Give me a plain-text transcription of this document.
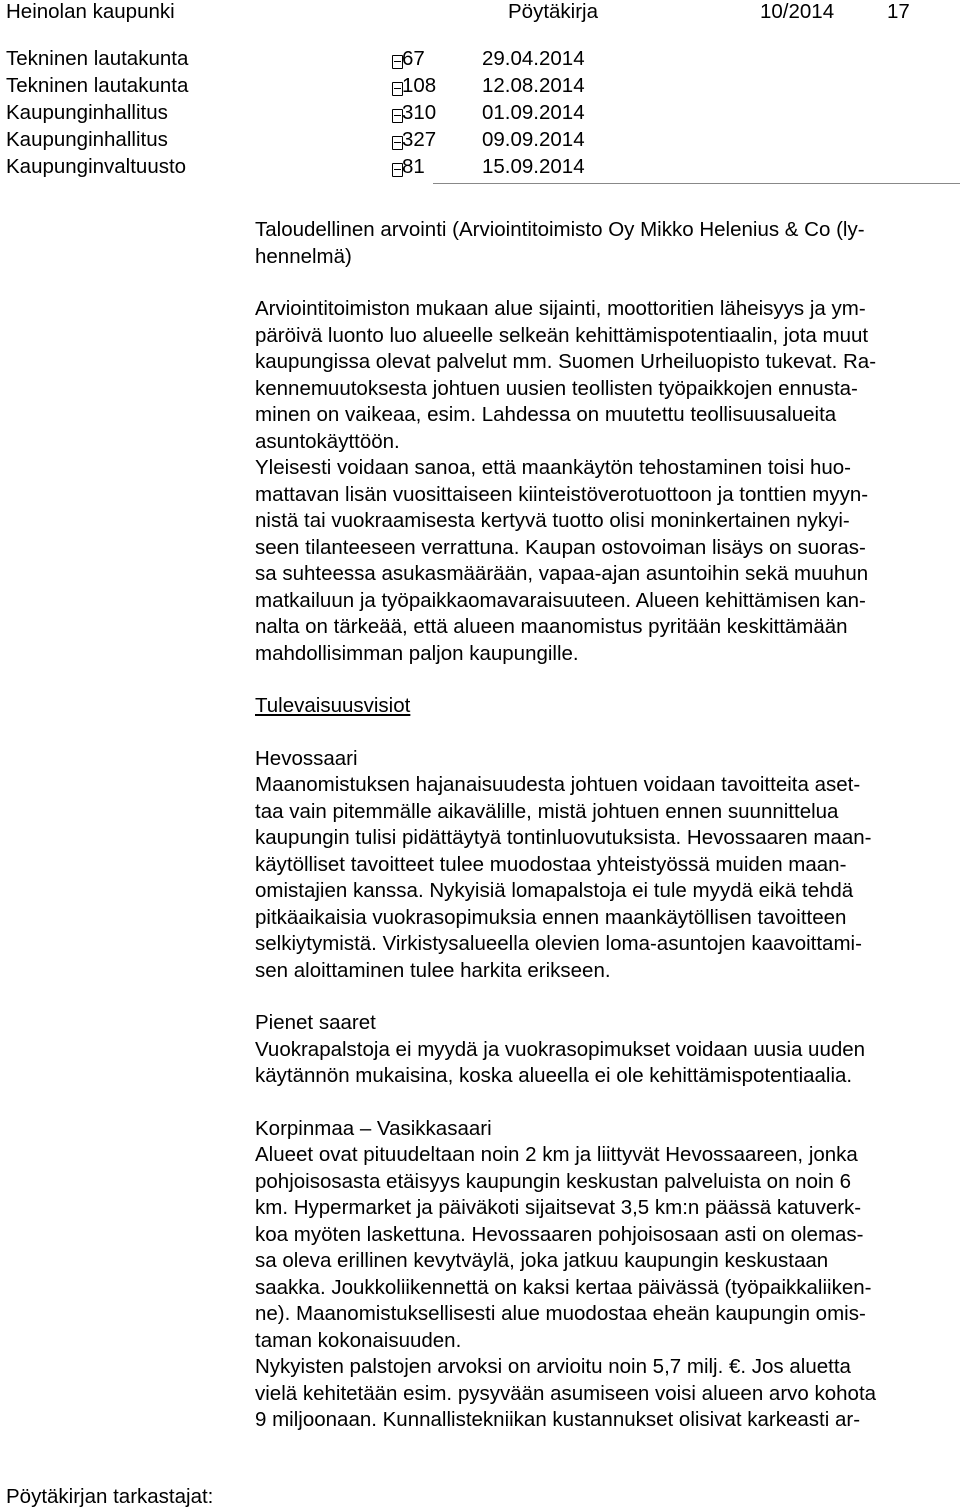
Heinolan kaupunki	Pöytäkirja	10/2014	17
Tekninen lautakunta	67	29.04.2014
Tekninen lautakunta	108 12.08.2014
Kaupunginhallitus	310 01.09.2014
Kaupunginhallitus	327 09.09.2014
Kaupunginvaltuusto	81	15.09.2014

Taloudellinen arvointi (Arviointitoimisto Oy Mikko Helenius & Co (ly-
hennelmä)

Arviointitoimiston mukaan alue sijainti, moottoritien läheisyys ja ym-
päröivä luonto luo alueelle selkeän kehittämispotentiaalin, jota muut
kaupungissa olevat palvelut mm. Suomen Urheiluopisto tukevat. Ra-
kennemuutoksesta johtuen uusien teollisten työpaikkojen ennusta-
minen on vaikeaa, esim. Lahdessa on muutettu teollisuusalueita
asuntokäyttöön.

Yleisesti voidaan sanoa, että maankäytön tehostaminen toisi huo-
mattavan lisän vuosittaiseen kiinteistöverotuottoon ja tonttien myyn-
nistä tai vuokraamisesta kertyvä tuotto olisi moninkertainen nykyi-
seen tilanteeseen verrattuna. Kaupan ostovoiman lisäys on suoras-
sa suhteessa asukasmäärään, vapaa-ajan asuntoihin sekä muuhun
matkailuun ja työpaikkaomavaraisuuteen. Alueen kehittämisen kan-
nalta on tärkeää, että alueen maanomistus pyritään keskittämään
mahdollisimman paljon kaupungille.

Tulevaisuusvisiot

Hevossaari

Maanomistuksen hajanaisuudesta johtuen voidaan tavoitteita aset-
taa vain pitemmälle aikavälille, mistä johtuen ennen suunnittelua
kaupungin tulisi pidättäytyä tontinluovutuksista. Hevossaaren maan-
käytölliset tavoitteet tulee muodostaa yhteistyössä muiden maan-
omistajien kanssa. Nykyisiä lomapalstoja ei tule myydä eikä tehdä
pitkäaikaisia vuokrasopimuksia ennen maankäytöllisen tavoitteen
selkiytymistä. Virkistysalueella olevien loma-asuntojen kaavoittami-
sen aloittaminen tulee harkita erikseen.

Pienet saaret

Vuokrapalstoja ei myydä ja vuokrasopimukset voidaan uusia uuden
käytännön mukaisina, koska alueella ei ole kehittämispotentiaalia.

Korpinmaa – Vasikkasaari

Alueet ovat pituudeltaan noin 2 km ja liittyvät Hevossaareen, jonka
pohjoisosasta etäisyys kaupungin keskustan palveluista on noin 6
km. Hypermarket ja päiväkoti sijaitsevat 3,5 km:n päässä katuverk-
koa myöten laskettuna. Hevossaaren pohjoisosaan asti on olemas-
sa oleva erillinen kevytväylä, joka jatkuu kaupungin keskustaan
saakka. Joukkoliikennettä on kaksi kertaa päivässä (työpaikkaliiken-
ne). Maanomistuksellisesti alue muodostaa eheän kaupungin omis-
taman kokonaisuuden.

Nykyisten palstojen arvoksi on arvioitu noin 5,7 milj. €. Jos aluetta
vielä kehitetään esim. pysyvään asumiseen voisi alueen arvo kohota
9 miljoonaan. Kunnallistekniikan kustannukset olisivat karkeasti ar-

Pöytäkirjan tarkastajat:
